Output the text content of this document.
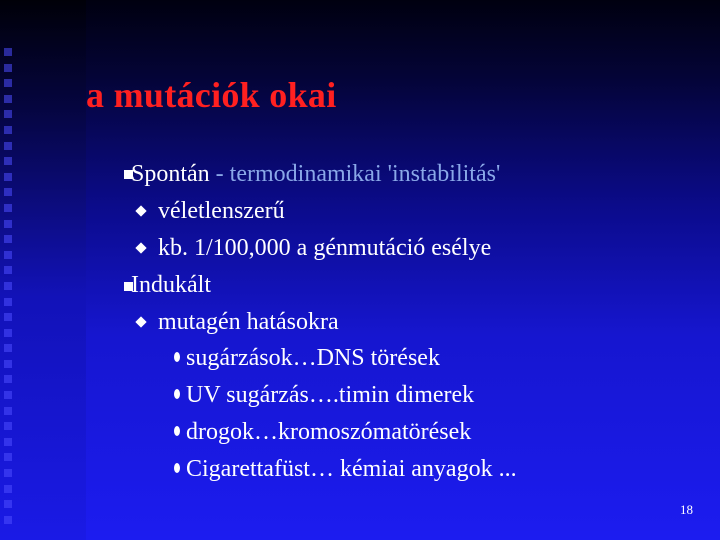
a mutációk okai
Spontán - termodinamikai 'instabilitás'
véletlenszerű
kb. 1/100,000 a génmutáció esélye
Indukált
mutagén hatásokra
sugárzások…DNS törések
UV sugárzás….timin dimerek
drogok…kromoszómatörések
Cigarettafüst… kémiai anyagok ...
18
